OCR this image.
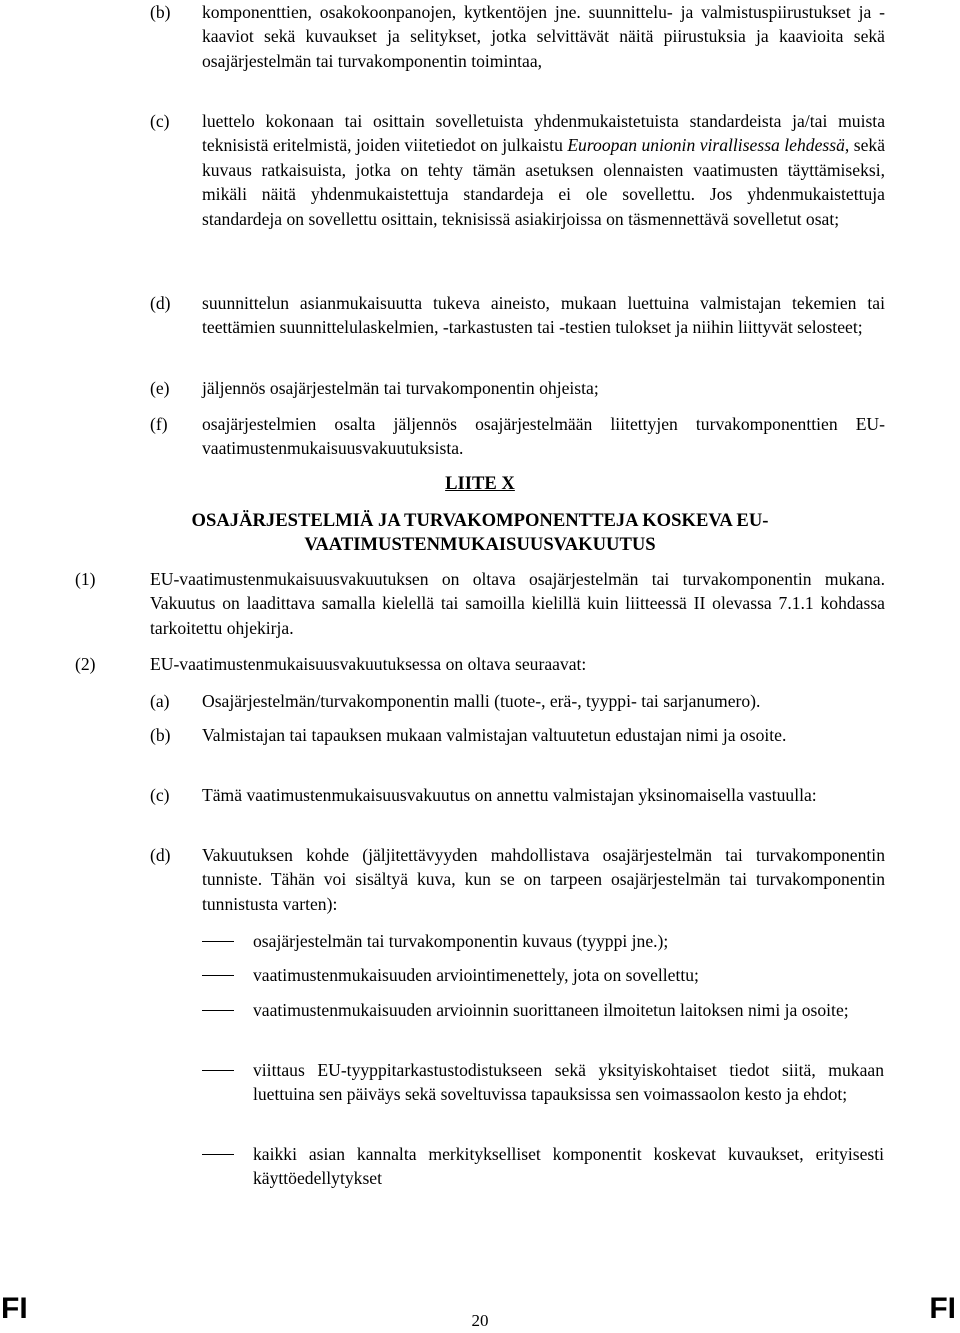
(b)	komponenttien, osakokoonpanojen, kytkentöjen jne. suunnittelu- ja valmistuspiirustukset ja -kaaviot sekä kuvaukset ja selitykset, jotka selvittävät näitä piirustuksia ja kaavioita sekä osajärjestelmän tai turvakomponentin toimintaa,
(c)	luettelo kokonaan tai osittain sovelletuista yhdenmukaistetuista standardeista ja/tai muista teknisistä eritelmistä, joiden viitetiedot on julkaistu Euroopan unionin virallisessa lehdessä, sekä kuvaus ratkaisuista, jotka on tehty tämän asetuksen olennaisten vaatimusten täyttämiseksi, mikäli näitä yhdenmukaistettuja standardeja ei ole sovellettu. Jos yhdenmukaistettuja standardeja on sovellettu osittain, teknisissä asiakirjoissa on täsmennettävä sovelletut osat;
(d)	suunnittelun asianmukaisuutta tukeva aineisto, mukaan luettuina valmistajan tekemien tai teettämien suunnittelulaskelmien, -tarkastusten tai -testien tulokset ja niihin liittyvät selosteet;
(e)	jäljennös osajärjestelmän tai turvakomponentin ohjeista;
(f)	osajärjestelmien osalta jäljennös osajärjestelmään liitettyjen turvakomponenttien EU-vaatimustenmukaisuusvakuutuksista.
LIITE X
OSAJÄRJESTELMIÄ JA TURVAKOMPONENTTEJA KOSKEVA EU-
VAATIMUSTENMUKAISUUSVAKUUTUS
(1)	EU-vaatimustenmukaisuusvakuutuksen on oltava osajärjestelmän tai turvakomponentin mukana. Vakuutus on laadittava samalla kielellä tai samoilla kielillä kuin liitteessä II olevassa 7.1.1 kohdassa tarkoitettu ohjekirja.
(2)	EU-vaatimustenmukaisuusvakuutuksessa on oltava seuraavat:
(a)	Osajärjestelmän/turvakomponentin malli (tuote-, erä-, tyyppi- tai sarjanumero).
(b)	Valmistajan tai tapauksen mukaan valmistajan valtuutetun edustajan nimi ja osoite.
(c)	Tämä vaatimustenmukaisuusvakuutus on annettu valmistajan yksinomaisella vastuulla:
(d)	Vakuutuksen kohde (jäljitettävyyden mahdollistava osajärjestelmän tai turvakomponentin tunniste. Tähän voi sisältyä kuva, kun se on tarpeen osajärjestelmän tai turvakomponentin tunnistusta varten):
osajärjestelmän tai turvakomponentin kuvaus (tyyppi jne.);
vaatimustenmukaisuuden arviointimenettely, jota on sovellettu;
vaatimustenmukaisuuden arvioinnin suorittaneen ilmoitetun laitoksen nimi ja osoite;
viittaus EU-tyyppitarkastustodistukseen sekä yksityiskohtaiset tiedot siitä, mukaan luettuina sen päiväys sekä soveltuvissa tapauksissa sen voimassaolon kesto ja ehdot;
kaikki asian kannalta merkitykselliset komponentit koskevat kuvaukset, erityisesti käyttöedellytykset
FI	20	FI
